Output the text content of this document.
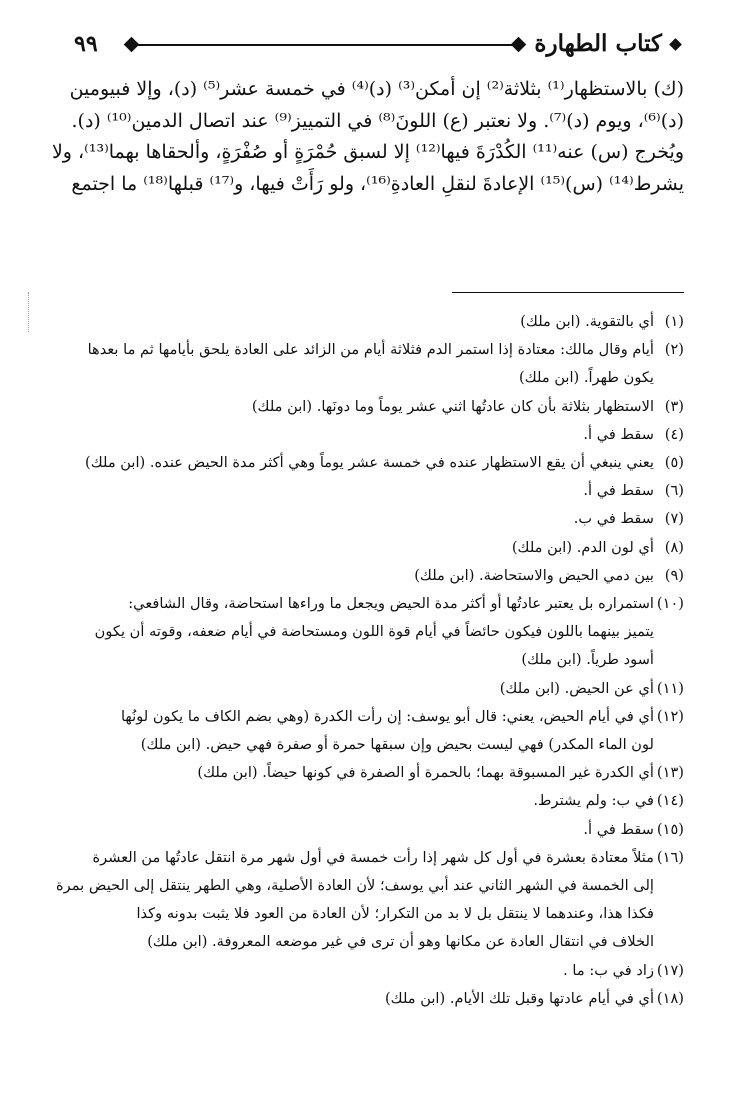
كتاب الطهارة
٩٩
(ك) بالاستظهار⁽¹⁾ بثلاثة⁽²⁾ إن أمكن⁽³⁾ (د)⁽⁴⁾ في خمسة عشر⁽⁵⁾ (د)، وإلا فبيومين
(د)⁽⁶⁾، ويوم (د)⁽⁷⁾. ولا نعتبر (ع) اللونَ⁽⁸⁾ في التمييز⁽⁹⁾ عند اتصال الدمين⁽¹⁰⁾ (د).
ويُخرج (س) عنه⁽¹¹⁾ الكُدْرَةَ فيها⁽¹²⁾ إلا لسبق حُمْرَةٍ أو صُفْرَةٍ، وألحقاها بهما⁽¹³⁾، ولا
يشرط⁽¹⁴⁾ (س)⁽¹⁵⁾ الإعادةَ لنقلِ العادةِ⁽¹⁶⁾، ولو رَأَتْ فيها، و⁽¹⁷⁾ قبلها⁽¹⁸⁾ ما اجتمع
(١)
أي بالتقوية. (ابن ملك)
(٢)
أيام وقال مالك: معتادة إذا استمر الدم فثلاثة أيام من الزائد على العادة يلحق بأيامها ثم ما بعدها
يكون طهراً. (ابن ملك)
(٣)
الاستظهار بثلاثة بأن كان عادتُها اثني عشر يوماً وما دونَها. (ابن ملك)
(٤)
سقط في أ.
(٥)
يعني ينبغي أن يقع الاستظهار عنده في خمسة عشر يوماً وهي أكثر مدة الحيض عنده. (ابن ملك)
(٦)
سقط في أ.
(٧)
سقط في ب.
(٨)
أي لون الدم. (ابن ملك)
(٩)
بين دمي الحيض والاستحاضة. (ابن ملك)
(١٠)
استمراره بل يعتبر عادتُها أو أكثر مدة الحيض ويجعل ما وراءها استحاضة، وقال الشافعي:
يتميز بينهما باللون فيكون حائضاً في أيام قوة اللون ومستحاضة في أيام ضعفه، وقوته أن يكون
أسود طرياً. (ابن ملك)
(١١)
أي عن الحيض. (ابن ملك)
(١٢)
أي في أيام الحيض، يعني: قال أبو يوسف: إن رأت الكدرة (وهي بضم الكاف ما يكون لونُها
لون الماء المكدر) فهي ليست بحيض وإن سبقها حمرة أو صفرة فهي حيض. (ابن ملك)
(١٣)
أي الكدرة غير المسبوقة بهما؛ بالحمرة أو الصفرة في كونها حيضاً. (ابن ملك)
(١٤)
في ب: ولم يشترط.
(١٥)
سقط في أ.
(١٦)
مثلاً معتادة بعشرة في أول كل شهر إذا رأت خمسة في أول شهر مرة انتقل عادتُها من العشرة
إلى الخمسة في الشهر الثاني عند أبي يوسف؛ لأن العادة الأصلية، وهي الطهر ينتقل إلى الحيض بمرة
فكذا هذا، وعندهما لا ينتقل بل لا بد من التكرار؛ لأن العادة من العود فلا يثبت بدونه وكذا
الخلاف في انتقال العادة عن مكانها وهو أن ترى في غير موضعه المعروفة. (ابن ملك)
(١٧)
زاد في ب: ما .
(١٨)
أي في أيام عادتها وقبل تلك الأيام. (ابن ملك)
